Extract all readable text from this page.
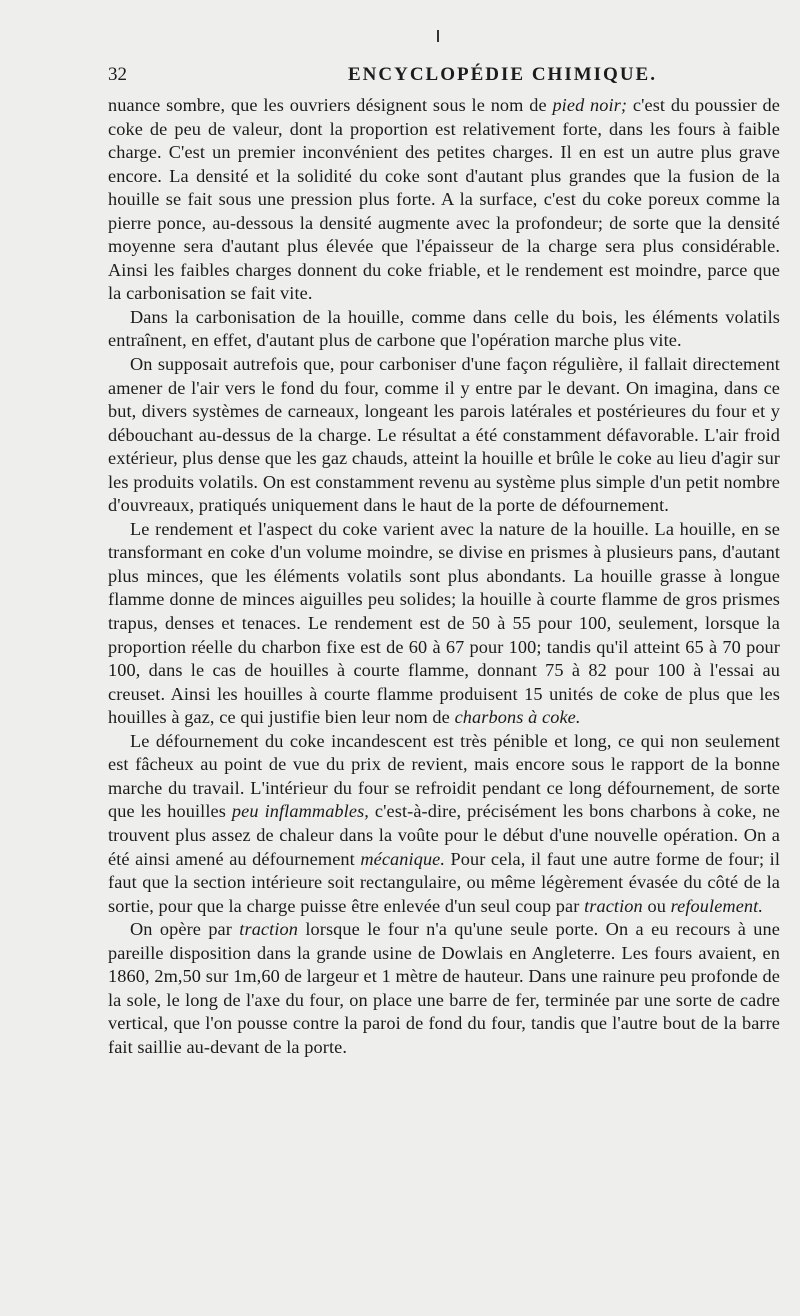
32	ENCYCLOPÉDIE CHIMIQUE.

nuance sombre, que les ouvriers désignent sous le nom de pied noir; c'est du poussier de coke de peu de valeur, dont la proportion est relativement forte, dans les fours à faible charge. C'est un premier inconvénient des petites charges. Il en est un autre plus grave encore. La densité et la solidité du coke sont d'autant plus grandes que la fusion de la houille se fait sous une pression plus forte. A la surface, c'est du coke poreux comme la pierre ponce, au-dessous la densité augmente avec la profondeur; de sorte que la densité moyenne sera d'autant plus élevée que l'épaisseur de la charge sera plus considérable. Ainsi les faibles charges donnent du coke friable, et le rendement est moindre, parce que la carbonisation se fait vite.

Dans la carbonisation de la houille, comme dans celle du bois, les éléments volatils entraînent, en effet, d'autant plus de carbone que l'opération marche plus vite.

On supposait autrefois que, pour carboniser d'une façon régulière, il fallait directement amener de l'air vers le fond du four, comme il y entre par le devant. On imagina, dans ce but, divers systèmes de carneaux, longeant les parois latérales et postérieures du four et y débouchant au-dessus de la charge. Le résultat a été constamment défavorable. L'air froid extérieur, plus dense que les gaz chauds, atteint la houille et brûle le coke au lieu d'agir sur les produits volatils. On est constamment revenu au système plus simple d'un petit nombre d'ouvreaux, pratiqués uniquement dans le haut de la porte de défournement.

Le rendement et l'aspect du coke varient avec la nature de la houille. La houille, en se transformant en coke d'un volume moindre, se divise en prismes à plusieurs pans, d'autant plus minces, que les éléments volatils sont plus abondants. La houille grasse à longue flamme donne de minces aiguilles peu solides; la houille à courte flamme de gros prismes trapus, denses et tenaces. Le rendement est de 50 à 55 pour 100, seulement, lorsque la proportion réelle du charbon fixe est de 60 à 67 pour 100; tandis qu'il atteint 65 à 70 pour 100, dans le cas de houilles à courte flamme, donnant 75 à 82 pour 100 à l'essai au creuset. Ainsi les houilles à courte flamme produisent 15 unités de coke de plus que les houilles à gaz, ce qui justifie bien leur nom de charbons à coke.

Le défournement du coke incandescent est très pénible et long, ce qui non seulement est fâcheux au point de vue du prix de revient, mais encore sous le rapport de la bonne marche du travail. L'intérieur du four se refroidit pendant ce long défournement, de sorte que les houilles peu inflammables, c'est-à-dire, précisément les bons charbons à coke, ne trouvent plus assez de chaleur dans la voûte pour le début d'une nouvelle opération. On a été ainsi amené au défournement mécanique. Pour cela, il faut une autre forme de four; il faut que la section intérieure soit rectangulaire, ou même légèrement évasée du côté de la sortie, pour que la charge puisse être enlevée d'un seul coup par traction ou refoulement.

On opère par traction lorsque le four n'a qu'une seule porte. On a eu recours à une pareille disposition dans la grande usine de Dowlais en Angleterre. Les fours avaient, en 1860, 2m,50 sur 1m,60 de largeur et 1 mètre de hauteur. Dans une rainure peu profonde de la sole, le long de l'axe du four, on place une barre de fer, terminée par une sorte de cadre vertical, que l'on pousse contre la paroi de fond du four, tandis que l'autre bout de la barre fait saillie au-devant de la porte.
